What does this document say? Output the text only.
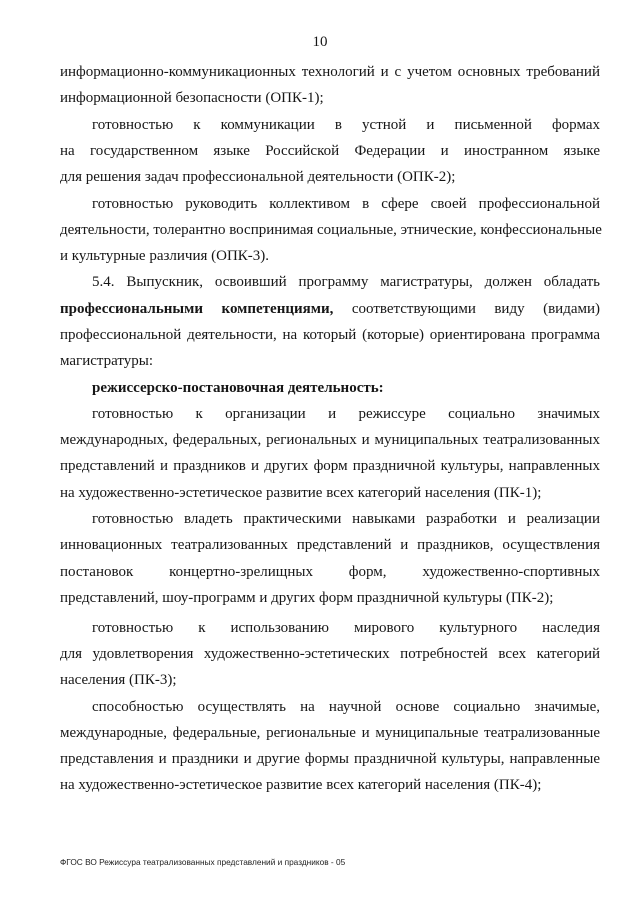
10
информационно-коммуникационных технологий и с учетом основных требований
информационной безопасности (ОПК-1);
готовностью к коммуникации в устной и письменной формах
на государственном языке Российской Федерации и иностранном языке
для решения задач профессиональной деятельности (ОПК-2);
готовностью руководить коллективом в сфере своей профессиональной
деятельности, толерантно воспринимая социальные, этнические, конфессиональные
и культурные различия (ОПК-3).
5.4. Выпускник, освоивший программу магистратуры, должен обладать
профессиональными компетенциями, соответствующими виду (видами)
профессиональной деятельности, на который (которые) ориентирована программа
магистратуры:
режиссерско-постановочная деятельность:
готовностью к организации и режиссуре социально значимых
международных, федеральных, региональных и муниципальных театрализованных
представлений и праздников и других форм праздничной культуры, направленных
на художественно-эстетическое развитие всех категорий населения (ПК-1);
готовностью владеть практическими навыками разработки и реализации
инновационных театрализованных представлений и праздников, осуществления
постановок концертно-зрелищных форм, художественно-спортивных
представлений, шоу-программ и других форм праздничной культуры (ПК-2);
готовностью к использованию мирового культурного наследия
для удовлетворения художественно-эстетических потребностей всех категорий
населения (ПК-3);
способностью осуществлять на научной основе социально значимые,
международные, федеральные, региональные и муниципальные театрализованные
представления и праздники и другие формы праздничной культуры, направленные
на художественно-эстетическое развитие всех категорий населения (ПК-4);
ФГОС ВО Режиссура театрализованных представлений и праздников - 05
